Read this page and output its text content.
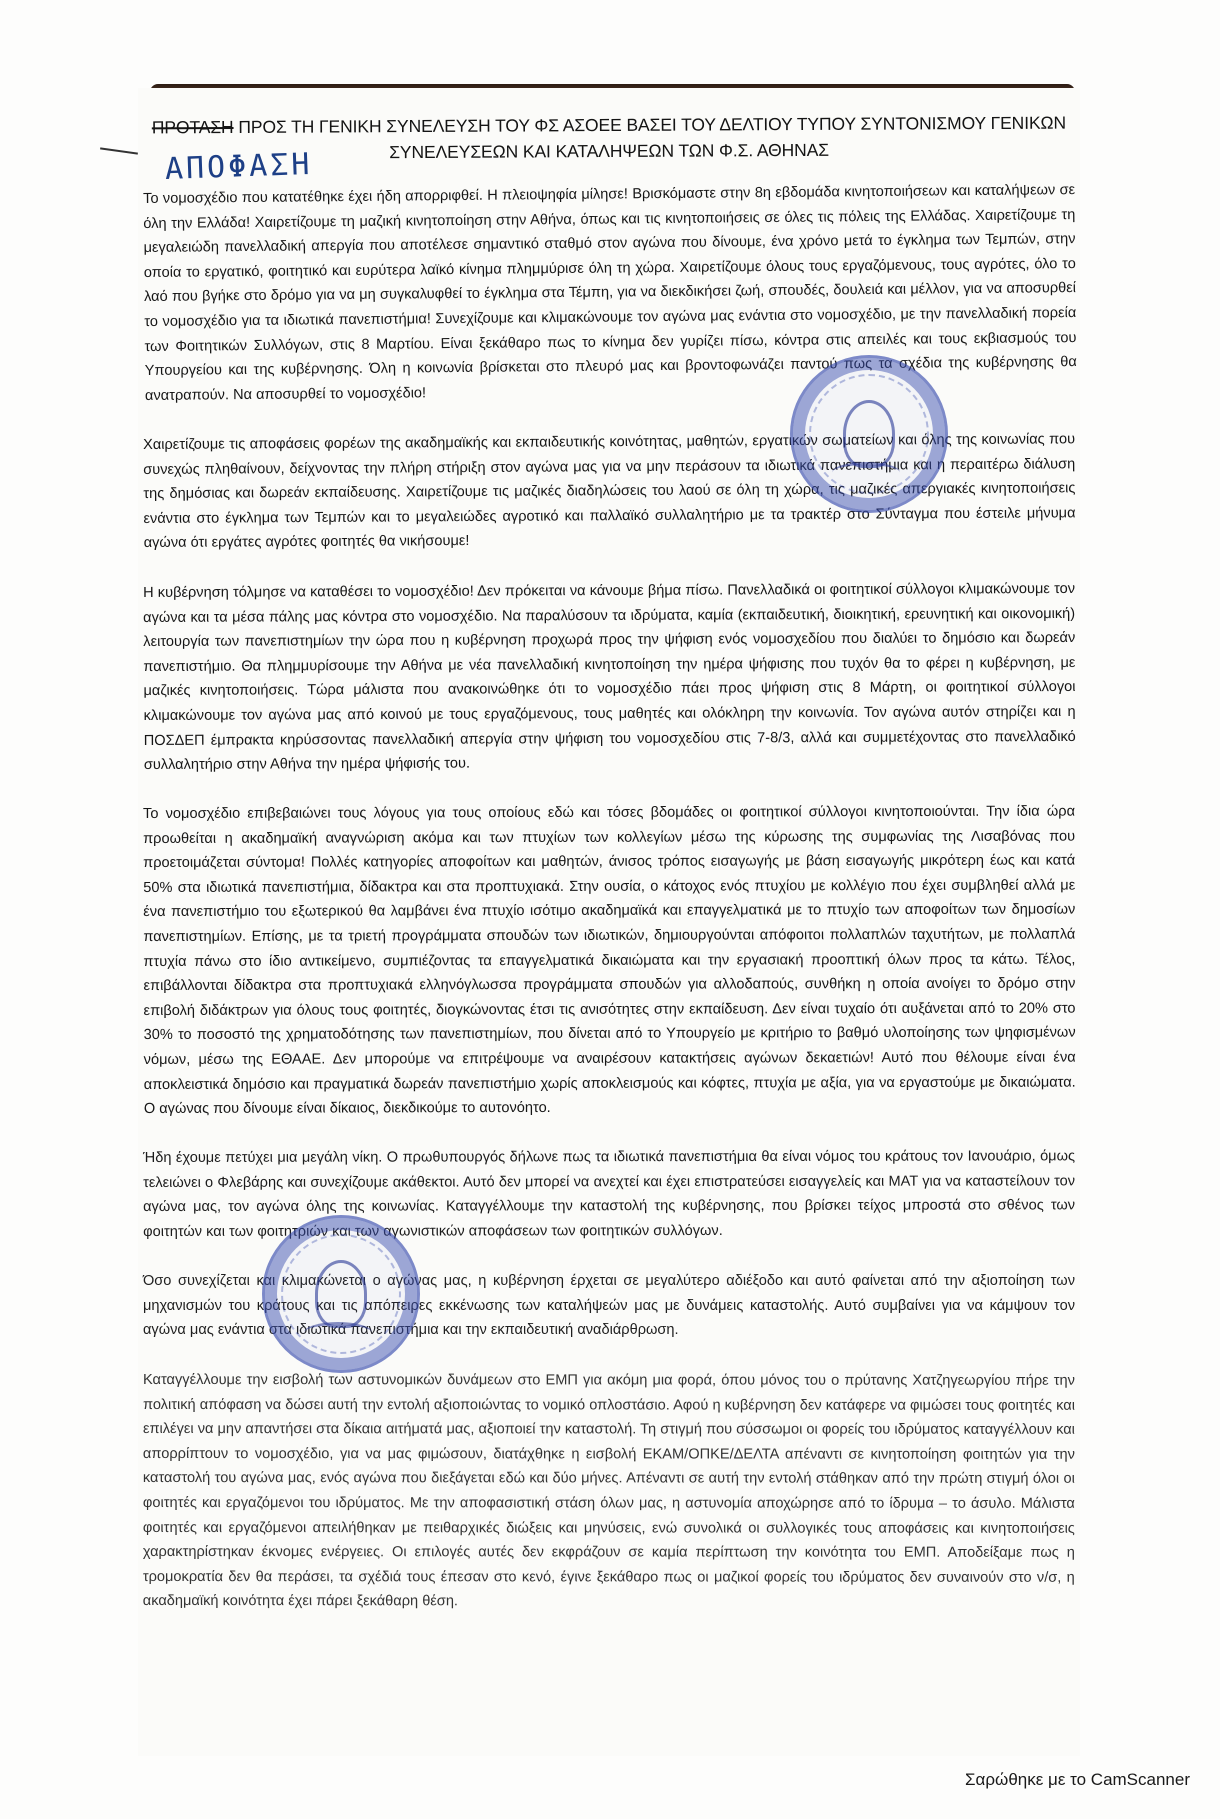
ΠΡΟΤΑΣΗ ΠΡΟΣ ΤΗ ΓΕΝΙΚΗ ΣΥΝΕΛΕΥΣΗ ΤΟΥ ΦΣ ΑΣΟΕΕ ΒΑΣΕΙ ΤΟΥ ΔΕΛΤΙΟΥ ΤΥΠΟΥ ΣΥΝΤΟΝΙΣΜΟΥ ΓΕΝΙΚΩΝ
ΣΥΝΕΛΕΥΣΕΩΝ ΚΑΙ ΚΑΤΑΛΗΨΕΩΝ ΤΩΝ Φ.Σ. ΑΘΗΝΑΣ
ΑΠΟΦΑΣΗ

Το νομοσχέδιο που κατατέθηκε έχει ήδη απορριφθεί. Η πλειοψηφία μίλησε! Βρισκόμαστε στην 8η εβδομάδα κινητοποιήσεων και καταλήψεων σε όλη την Ελλάδα! Χαιρετίζουμε τη μαζική κινητοποίηση στην Αθήνα, όπως και τις κινητοποιήσεις σε όλες τις πόλεις της Ελλάδας. Χαιρετίζουμε τη μεγαλειώδη πανελλαδική απεργία που αποτέλεσε σημαντικό σταθμό στον αγώνα που δίνουμε, ένα χρόνο μετά το έγκλημα των Τεμπών, στην οποία το εργατικό, φοιτητικό και ευρύτερα λαϊκό κίνημα πλημμύρισε όλη τη χώρα. Χαιρετίζουμε όλους τους εργαζόμενους, τους αγρότες, όλο το λαό που βγήκε στο δρόμο για να μη συγκαλυφθεί το έγκλημα στα Τέμπη, για να διεκδικήσει ζωή, σπουδές, δουλειά και μέλλον, για να αποσυρθεί το νομοσχέδιο για τα ιδιωτικά πανεπιστήμια! Συνεχίζουμε και κλιμακώνουμε τον αγώνα μας ενάντια στο νομοσχέδιο, με την πανελλαδική πορεία των Φοιτητικών Συλλόγων, στις 8 Μαρτίου. Είναι ξεκάθαρο πως το κίνημα δεν γυρίζει πίσω, κόντρα στις απειλές και τους εκβιασμούς του Υπουργείου και της κυβέρνησης. Όλη η κοινωνία βρίσκεται στο πλευρό μας και βροντοφωνάζει παντού πως τα σχέδια της κυβέρνησης θα ανατραπούν. Να αποσυρθεί το νομοσχέδιο!

Χαιρετίζουμε τις αποφάσεις φορέων της ακαδημαϊκής και εκπαιδευτικής κοινότητας, μαθητών, εργατικών σωματείων και όλης της κοινωνίας που συνεχώς πληθαίνουν, δείχνοντας την πλήρη στήριξη στον αγώνα μας για να μην περάσουν τα ιδιωτικά πανεπιστήμια και η περαιτέρω διάλυση της δημόσιας και δωρεάν εκπαίδευσης. Χαιρετίζουμε τις μαζικές διαδηλώσεις του λαού σε όλη τη χώρα, τις μαζικές απεργιακές κινητοποιήσεις ενάντια στο έγκλημα των Τεμπών και το μεγαλειώδες αγροτικό και παλλαϊκό συλλαλητήριο με τα τρακτέρ στο Σύνταγμα που έστειλε μήνυμα αγώνα ότι εργάτες αγρότες φοιτητές θα νικήσουμε!

Η κυβέρνηση τόλμησε να καταθέσει το νομοσχέδιο! Δεν πρόκειται να κάνουμε βήμα πίσω. Πανελλαδικά οι φοιτητικοί σύλλογοι κλιμακώνουμε τον αγώνα και τα μέσα πάλης μας κόντρα στο νομοσχέδιο. Να παραλύσουν τα ιδρύματα, καμία (εκπαιδευτική, διοικητική, ερευνητική και οικονομική) λειτουργία των πανεπιστημίων την ώρα που η κυβέρνηση προχωρά προς την ψήφιση ενός νομοσχεδίου που διαλύει το δημόσιο και δωρεάν πανεπιστήμιο. Θα πλημμυρίσουμε την Αθήνα με νέα πανελλαδική κινητοποίηση την ημέρα ψήφισης που τυχόν θα το φέρει η κυβέρνηση, με μαζικές κινητοποιήσεις. Τώρα μάλιστα που ανακοινώθηκε ότι το νομοσχέδιο πάει προς ψήφιση στις 8 Μάρτη, οι φοιτητικοί σύλλογοι κλιμακώνουμε τον αγώνα μας από κοινού με τους εργαζόμενους, τους μαθητές και ολόκληρη την κοινωνία. Τον αγώνα αυτόν στηρίζει και η ΠΟΣΔΕΠ έμπρακτα κηρύσσοντας πανελλαδική απεργία στην ψήφιση του νομοσχεδίου στις 7-8/3, αλλά και συμμετέχοντας στο πανελλαδικό συλλαλητήριο στην Αθήνα την ημέρα ψήφισής του.

Το νομοσχέδιο επιβεβαιώνει τους λόγους για τους οποίους εδώ και τόσες βδομάδες οι φοιτητικοί σύλλογοι κινητοποιούνται. Την ίδια ώρα προωθείται η ακαδημαϊκή αναγνώριση ακόμα και των πτυχίων των κολλεγίων μέσω της κύρωσης της συμφωνίας της Λισαβόνας που προετοιμάζεται σύντομα! Πολλές κατηγορίες αποφοίτων και μαθητών, άνισος τρόπος εισαγωγής με βάση εισαγωγής μικρότερη έως και κατά 50% στα ιδιωτικά πανεπιστήμια, δίδακτρα και στα προπτυχιακά. Στην ουσία, ο κάτοχος ενός πτυχίου με κολλέγιο που έχει συμβληθεί αλλά με ένα πανεπιστήμιο του εξωτερικού θα λαμβάνει ένα πτυχίο ισότιμο ακαδημαϊκά και επαγγελματικά με το πτυχίο των αποφοίτων των δημοσίων πανεπιστημίων. Επίσης, με τα τριετή προγράμματα σπουδών των ιδιωτικών, δημιουργούνται απόφοιτοι πολλαπλών ταχυτήτων, με πολλαπλά πτυχία πάνω στο ίδιο αντικείμενο, συμπιέζοντας τα επαγγελματικά δικαιώματα και την εργασιακή προοπτική όλων προς τα κάτω. Τέλος, επιβάλλονται δίδακτρα στα προπτυχιακά ελληνόγλωσσα προγράμματα σπουδών για αλλοδαπούς, συνθήκη η οποία ανοίγει το δρόμο στην επιβολή διδάκτρων για όλους τους φοιτητές, διογκώνοντας έτσι τις ανισότητες στην εκπαίδευση. Δεν είναι τυχαίο ότι αυξάνεται από το 20% στο 30% το ποσοστό της χρηματοδότησης των πανεπιστημίων, που δίνεται από το Υπουργείο με κριτήριο το βαθμό υλοποίησης των ψηφισμένων νόμων, μέσω της ΕΘΑΑΕ. Δεν μπορούμε να επιτρέψουμε να αναιρέσουν κατακτήσεις αγώνων δεκαετιών! Αυτό που θέλουμε είναι ένα αποκλειστικά δημόσιο και πραγματικά δωρεάν πανεπιστήμιο χωρίς αποκλεισμούς και κόφτες, πτυχία με αξία, για να εργαστούμε με δικαιώματα. Ο αγώνας που δίνουμε είναι δίκαιος, διεκδικούμε το αυτονόητο.

Ήδη έχουμε πετύχει μια μεγάλη νίκη. Ο πρωθυπουργός δήλωνε πως τα ιδιωτικά πανεπιστήμια θα είναι νόμος του κράτους τον Ιανουάριο, όμως τελειώνει ο Φλεβάρης και συνεχίζουμε ακάθεκτοι. Αυτό δεν μπορεί να ανεχτεί και έχει επιστρατεύσει εισαγγελείς και ΜΑΤ για να καταστείλουν τον αγώνα μας, τον αγώνα όλης της κοινωνίας. Καταγγέλλουμε την καταστολή της κυβέρνησης, που βρίσκει τείχος μπροστά στο σθένος των φοιτητών και των φοιτητριών και των αγωνιστικών αποφάσεων των φοιτητικών συλλόγων.

Όσο συνεχίζεται και κλιμακώνεται ο αγώνας μας, η κυβέρνηση έρχεται σε μεγαλύτερο αδιέξοδο και αυτό φαίνεται από την αξιοποίηση των μηχανισμών του κράτους και τις απόπειρες εκκένωσης των καταλήψεών μας με δυνάμεις καταστολής. Αυτό συμβαίνει για να κάμψουν τον αγώνα μας ενάντια στα ιδιωτικά πανεπιστήμια και την εκπαιδευτική αναδιάρθρωση.

Καταγγέλλουμε την εισβολή των αστυνομικών δυνάμεων στο ΕΜΠ για ακόμη μια φορά, όπου μόνος του ο πρύτανης Χατζηγεωργίου πήρε την πολιτική απόφαση να δώσει αυτή την εντολή αξιοποιώντας το νομικό οπλοστάσιο. Αφού η κυβέρνηση δεν κατάφερε να φιμώσει τους φοιτητές και επιλέγει να μην απαντήσει στα δίκαια αιτήματά μας, αξιοποιεί την καταστολή. Τη στιγμή που σύσσωμοι οι φορείς του ιδρύματος καταγγέλλουν και απορρίπτουν το νομοσχέδιο, για να μας φιμώσουν, διατάχθηκε η εισβολή ΕΚΑΜ/ΟΠΚΕ/ΔΕΛΤΑ απέναντι σε κινητοποίηση φοιτητών για την καταστολή του αγώνα μας, ενός αγώνα που διεξάγεται εδώ και δύο μήνες. Απέναντι σε αυτή την εντολή στάθηκαν από την πρώτη στιγμή όλοι οι φοιτητές και εργαζόμενοι του ιδρύματος. Με την αποφασιστική στάση όλων μας, η αστυνομία αποχώρησε από το ίδρυμα – το άσυλο. Μάλιστα φοιτητές και εργαζόμενοι απειλήθηκαν με πειθαρχικές διώξεις και μηνύσεις, ενώ συνολικά οι συλλογικές τους αποφάσεις και κινητοποιήσεις χαρακτηρίστηκαν έκνομες ενέργειες. Οι επιλογές αυτές δεν εκφράζουν σε καμία περίπτωση την κοινότητα του ΕΜΠ. Αποδείξαμε πως η τρομοκρατία δεν θα περάσει, τα σχέδιά τους έπεσαν στο κενό, έγινε ξεκάθαρο πως οι μαζικοί φορείς του ιδρύματος δεν συναινούν στο ν/σ, η ακαδημαϊκή κοινότητα έχει πάρει ξεκάθαρη θέση.

Σαρώθηκε με το CamScanner
